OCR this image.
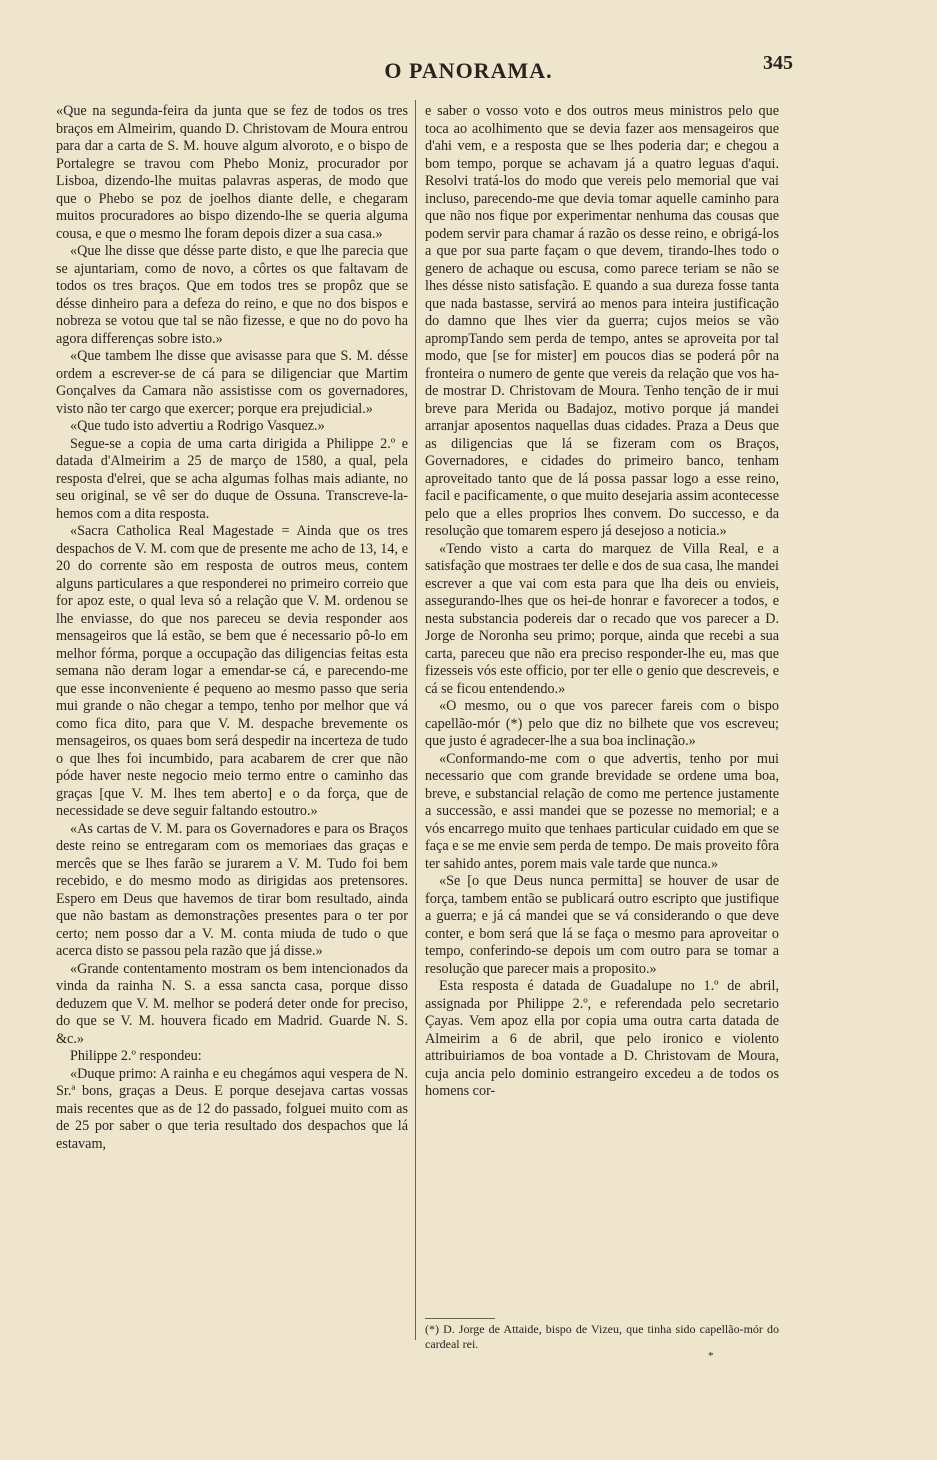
O PANORAMA.	345

«Que na segunda-feira da junta que se fez de todos os tres braços em Almeirim, quando D. Christovam de Moura entrou para dar a carta de S. M. houve algum alvoroto, e o bispo de Portalegre se travou com Phebo Moniz, procurador por Lisboa, dizendo-lhe muitas palavras asperas, de modo que que o Phebo se poz de joelhos diante delle, e chegaram muitos procuradores ao bispo dizendo-lhe se queria alguma cousa, e que o mesmo lhe foram depois dizer a sua casa.»

«Que lhe disse que désse parte disto, e que lhe parecia que se ajuntariam, como de novo, a côrtes os que faltavam de todos os tres braços. Que em todos tres se propôz que se désse dinheiro para a defeza do reino, e que no dos bispos e nobreza se votou que tal se não fizesse, e que no do povo ha agora differenças sobre isto.»

«Que tambem lhe disse que avisasse para que S. M. désse ordem a escrever-se de cá para se diligenciar que Martim Gonçalves da Camara não assistisse com os governadores, visto não ter cargo que exercer; porque era prejudicial.»

«Que tudo isto advertiu a Rodrigo Vasquez.»

Segue-se a copia de uma carta dirigida a Philippe 2.º e datada d'Almeirim a 25 de março de 1580, a qual, pela resposta d'elrei, que se acha algumas folhas mais adiante, no seu original, se vê ser do duque de Ossuna. Transcreve-la-hemos com a dita resposta.

«Sacra Catholica Real Magestade = Ainda que os tres despachos de V. M. com que de presente me acho de 13, 14, e 20 do corrente são em resposta de outros meus, contem alguns particulares a que responderei no primeiro correio que for apoz este, o qual leva só a relação que V. M. ordenou se lhe enviasse, do que nos pareceu se devia responder aos mensageiros que lá estão, se bem que é necessario pô-lo em melhor fórma, porque a occupação das diligencias feitas esta semana não deram logar a emendar-se cá, e parecendo-me que esse inconveniente é pequeno ao mesmo passo que seria mui grande o não chegar a tempo, tenho por melhor que vá como fica dito, para que V. M. despache brevemente os mensageiros, os quaes bom será despedir na incerteza de tudo o que lhes foi incumbido, para acabarem de crer que não póde haver neste negocio meio termo entre o caminho das graças [que V. M. lhes tem aberto] e o da força, que de necessidade se deve seguir faltando estoutro.»

«As cartas de V. M. para os Governadores e para os Braços deste reino se entregaram com os memoriaes das graças e mercês que se lhes farão se jurarem a V. M. Tudo foi bem recebido, e do mesmo modo as dirigidas aos pretensores. Espero em Deus que havemos de tirar bom resultado, ainda que não bastam as demonstrações presentes para o ter por certo; nem posso dar a V. M. conta miuda de tudo o que acerca disto se passou pela razão que já disse.»

«Grande contentamento mostram os bem intencionados da vinda da rainha N. S. a essa sancta casa, porque disso deduzem que V. M. melhor se poderá deter onde for preciso, do que se V. M. houvera ficado em Madrid. Guarde N. S. &c.»

Philippe 2.º respondeu:

«Duque primo: A rainha e eu chegámos aqui vespera de N. Sr.ª bons, graças a Deus. E porque desejava cartas vossas mais recentes que as de 12 do passado, folguei muito com as de 25 por saber o que teria resultado dos despachos que lá estavam,

e saber o vosso voto e dos outros meus ministros pelo que toca ao acolhimento que se devia fazer aos mensageiros que d'ahi vem, e a resposta que se lhes poderia dar; e chegou a bom tempo, porque se achavam já a quatro leguas d'aqui. Resolvi tratá-los do modo que vereis pelo memorial que vai incluso, parecendo-me que devia tomar aquelle caminho para que não nos fique por experimentar nenhuma das cousas que podem servir para chamar á razão os desse reino, e obrigá-los a que por sua parte façam o que devem, tirando-lhes todo o genero de achaque ou escusa, como parece teriam se não se lhes désse nisto satisfação. E quando a sua dureza fosse tanta que nada bastasse, servirá ao menos para inteira justificação do damno que lhes vier da guerra; cujos meios se vão aprompTando sem perda de tempo, antes se aproveita por tal modo, que [se for mister] em poucos dias se poderá pôr na fronteira o numero de gente que vereis da relação que vos ha-de mostrar D. Christovam de Moura. Tenho tenção de ir mui breve para Merida ou Badajoz, motivo porque já mandei arranjar aposentos naquellas duas cidades. Praza a Deus que as diligencias que lá se fizeram com os Braços, Governadores, e cidades do primeiro banco, tenham aproveitado tanto que de lá possa passar logo a esse reino, facil e pacificamente, o que muito desejaria assim acontecesse pelo que a elles proprios lhes convem. Do successo, e da resolução que tomarem espero já desejoso a noticia.»

«Tendo visto a carta do marquez de Villa Real, e a satisfação que mostraes ter delle e dos de sua casa, lhe mandei escrever a que vai com esta para que lha deis ou envieis, assegurando-lhes que os hei-de honrar e favorecer a todos, e nesta substancia podereis dar o recado que vos parecer a D. Jorge de Noronha seu primo; porque, ainda que recebi a sua carta, pareceu que não era preciso responder-lhe eu, mas que fizesseis vós este officio, por ter elle o genio que descreveis, e cá se ficou entendendo.»

«O mesmo, ou o que vos parecer fareis com o bispo capellão-mór (*) pelo que diz no bilhete que vos escreveu; que justo é agradecer-lhe a sua boa inclinação.»

«Conformando-me com o que advertis, tenho por mui necessario que com grande brevidade se ordene uma boa, breve, e substancial relação de como me pertence justamente a successão, e assi mandei que se pozesse no memorial; e a vós encarrego muito que tenhaes particular cuidado em que se faça e se me envie sem perda de tempo. De mais proveito fôra ter sahido antes, porem mais vale tarde que nunca.»

«Se [o que Deus nunca permitta] se houver de usar de força, tambem então se publicará outro escripto que justifique a guerra; e já cá mandei que se vá considerando o que deve conter, e bom será que lá se faça o mesmo para aproveitar o tempo, conferindo-se depois um com outro para se tomar a resolução que parecer mais a proposito.»

Esta resposta é datada de Guadalupe no 1.º de abril, assignada por Philippe 2.º, e referendada pelo secretario Çayas. Vem apoz ella por copia uma outra carta datada de Almeirim a 6 de abril, que pelo ironico e violento attribuiriamos de boa vontade a D. Christovam de Moura, cuja ancia pelo dominio estrangeiro excedeu a de todos os homens cor-

(*) D. Jorge de Attaide, bispo de Vizeu, que tinha sido capellão-mór do cardeal rei.
*
